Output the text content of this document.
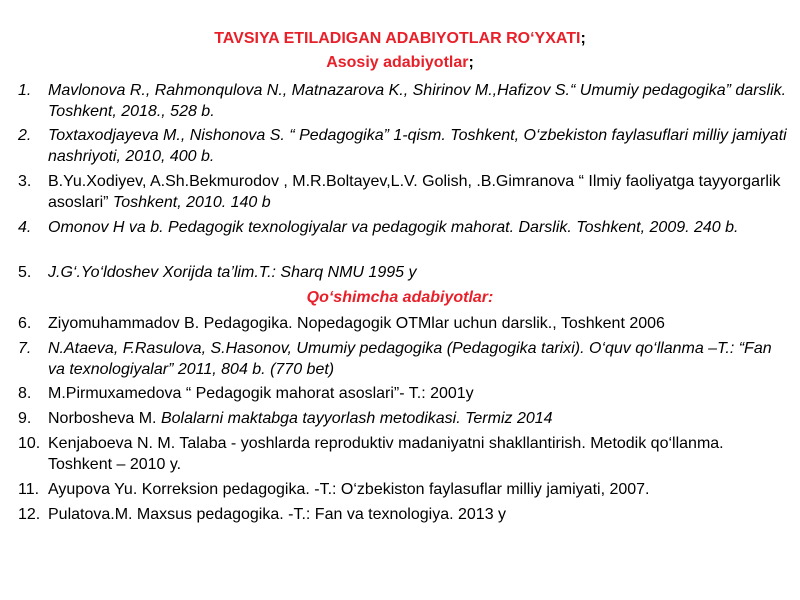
TAVSIYA ETILADIGAN ADABIYOTLAR RO‘YXATI;
Asosiy adabiyotlar;
1.	Mavlonova R., Rahmonqulova N., Matnazarova K., Shirinov M.,Hafizov S.“ Umumiy pedagogika” darslik. Toshkent, 2018., 528 b.
2.	Toxtaxodjayeva M., Nishonova S. “ Pedagogika” 1-qism. Toshkent, O‘zbekiston faylasuflari milliy jamiyati nashriyoti, 2010, 400 b.
3.	B.Yu.Xodiyev, A.Sh.Bekmurodov , M.R.Boltayev,L.V. Golish, .B.Gimranova “ Ilmiy faoliyatga tayyorgarlik asoslari” Toshkent, 2010. 140 b
4.	Omonov H va b. Pedagogik texnologiyalar va pedagogik mahorat. Darslik. Toshkent, 2009. 240 b.
5.	J.G‘.Yo‘ldoshev Xorijda ta’lim.T.: Sharq NMU 1995 y
Qo‘shimcha adabiyotlar:
6.	Ziyomuhammadov B. Pedagogika. Nopedagogik OTMlar uchun darslik., Toshkent 2006
7.	N.Ataeva, F.Rasulova, S.Hasonov, Umumiy pedagogika (Pedagogika tarixi). O‘quv qo‘llanma –T.: “Fan va texnologiyalar” 2011, 804 b. (770 bet)
8.	M.Pirmuxamedova “ Pedagogik mahorat asoslari”- T.: 2001y
9.	Norbosheva M. Bolalarni maktabga tayyorlash metodikasi. Termiz 2014
10. Kenjaboeva N. M. Talaba - yoshlarda reproduktiv madaniyatni shakllantirish. Metodik qo‘llanma. Toshkent – 2010 y.
11. Ayupova Yu. Korreksion pedagogika. -T.: O‘zbekiston faylasuflar milliy jamiyati, 2007.
12. Pulatova.M. Maxsus pedagogika. -T.: Fan va texnologiya. 2013 y
